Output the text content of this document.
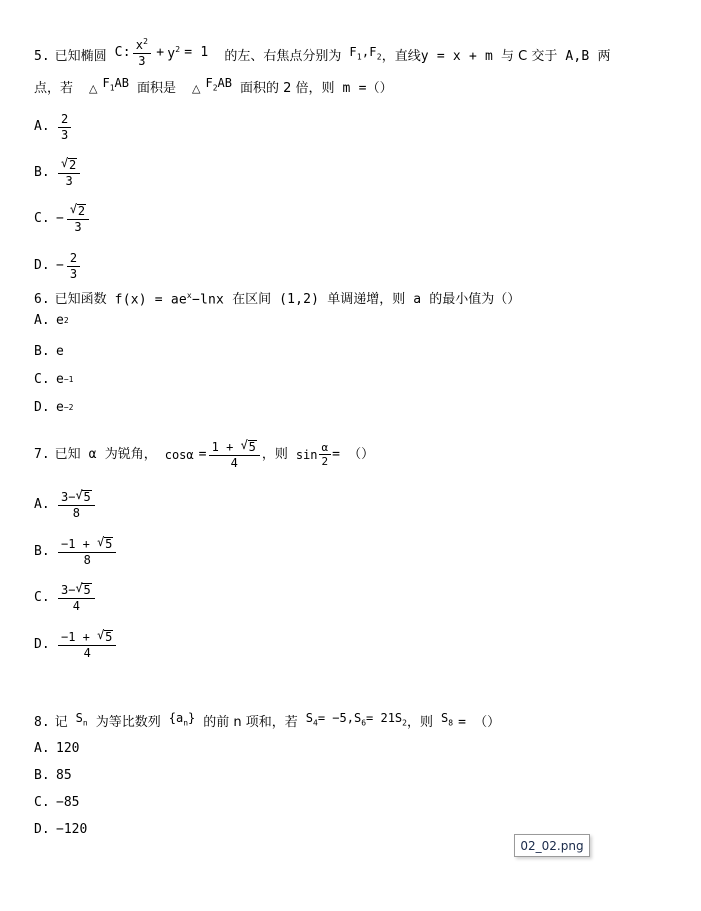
5. 已知椭圆 C: $\frac{x^2}{3} + y^2 = 1$ 的左、右焦点分别为 $F_1,F_2$ ，直线 y = x + m 与 C 交于 A,B 两
点，若 △ $F_1AB$ 面积是 △ $F_2AB$ 面积的 2 倍，则 m = （）
A. $\frac{2}{3}$
B. √ $\frac{2}{3}$
C. − √ $\frac{2}{3}$
D. − $\frac{2}{3}$
6. 已知函数 $f(x) = ae^x-\ln x$ 在区间 (1,2) 单调递增，则 a 的最小值为（）
A. e 2
B. e
C. e −1
D. e −2
7. 已知 α 为锐角， $\cos\alpha = \frac{1 + √ 5}{4}$ ，则 $\sin \frac{\alpha}{2}$ = （）
A. $\frac{3- √ 5}{8}$
B. $\frac{-1 + √ 5}{8}$
C. $\frac{3- √ 5}{4}$
D. $\frac{-1 + √ 5}{4}$
8. 记 $S_n$ 为等比数列 $\{a_n\}$ 的前 n 项和，若 $S_4= -5,S_6= 21S_2$ ，则 $S_8$ = （）
A. 120
B. 85
C. −85
D. −120
02_02.png
